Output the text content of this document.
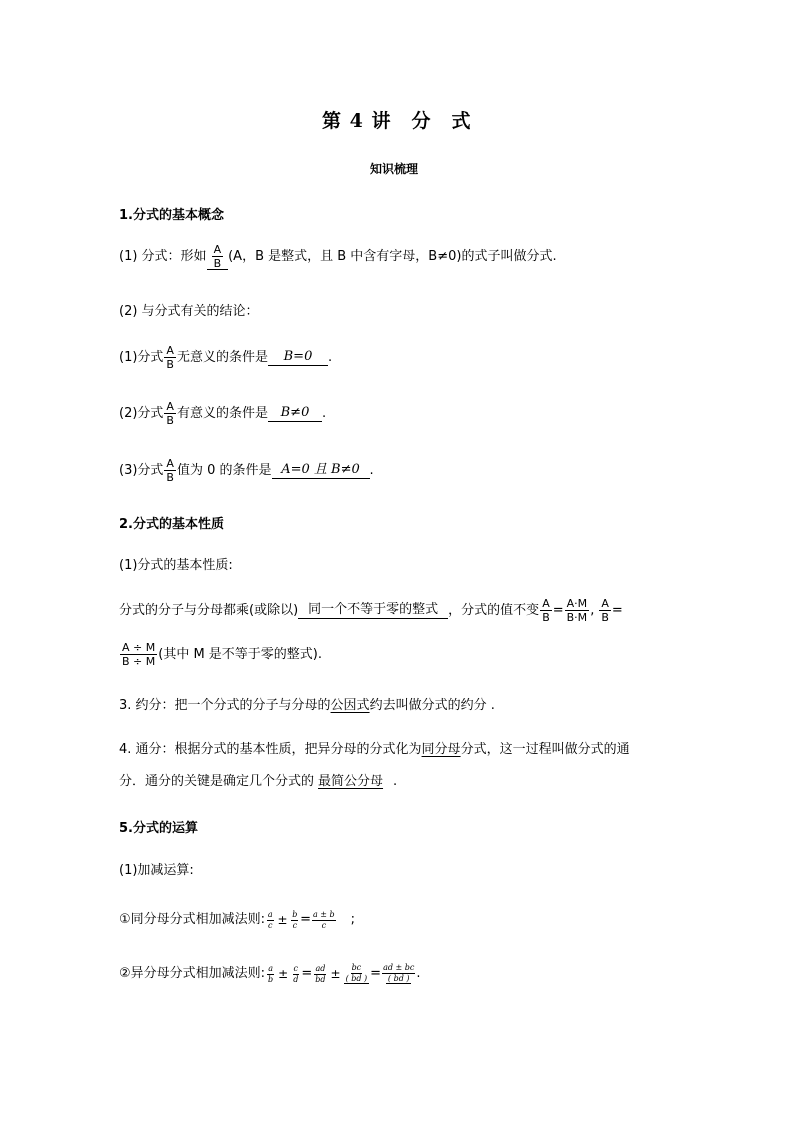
第 4 讲　分　式
知识梳理
1.分式的基本概念
(1) 分式：形如 $\frac{A}{B} (A$，B 是整式，且 B 中含有字母，B≠0)的式子叫做分式.
(2) 与分式有关的结论：
(1)分式 $\frac{A}{B}$ 无意义的条件是	B=0	.
(2)分式 $\frac{A}{B}$ 有意义的条件是 B≠0 .
(3)分式 $\frac{A}{B}$ 值为 0 的条件是 A=0 且 B≠0 .
2.分式的基本性质
(1)分式的基本性质:
分式的分子与分母都乘(或除以) 同一个不等于零的整式 ，分式的值不变 $\frac{A}{B} = \frac{A\cdot M}{B\cdot M}$ , $\frac{A}{B}$ =
$\frac{A \div M}{B \div M}$ (其中 M 是不等于零的整式).
3. 约分：把一个分式的分子与分母的 公因式 约去叫做分式的约分 .
4. 通分：根据分式的基本性质，把异分母的分式化为 同分母 分式，这一过程叫做分式的通
分．通分的关键是确定几个分式的 最简公分母 .
5.分式的运算
(1)加减运算:
①同分母分式相加减法则: $\frac{a}{c} \pm \frac{b}{c} = \frac{a \pm b}{c}$ ;
②异分母分式相加减法则: $\frac{a}{b} \pm \frac{c}{d} = \frac{ad}{bd} \pm \frac{bc}{( bd )} = \frac{ad \pm bc}{( bd )}$ .
